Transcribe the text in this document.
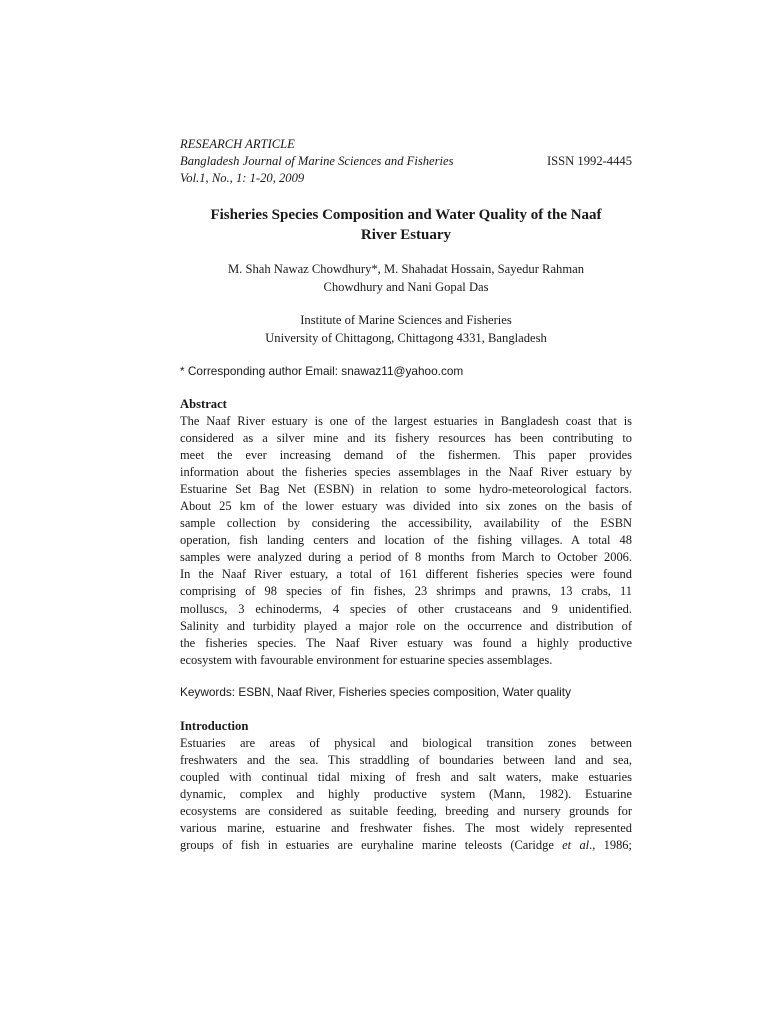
RESEARCH ARTICLE
Bangladesh Journal of Marine Sciences and Fisheries	ISSN 1992-4445
Vol.1, No., 1: 1-20, 2009
Fisheries Species Composition and Water Quality of the Naaf
River Estuary
M. Shah Nawaz Chowdhury*, M. Shahadat Hossain, Sayedur Rahman
Chowdhury and Nani Gopal Das
Institute of Marine Sciences and Fisheries
University of Chittagong, Chittagong 4331, Bangladesh
* Corresponding author Email: snawaz11@yahoo.com
Abstract
The Naaf River estuary is one of the largest estuaries in Bangladesh coast that is
considered as a silver mine and its fishery resources has been contributing to
meet the ever increasing demand of the fishermen. This paper provides
information about the fisheries species assemblages in the Naaf River estuary by
Estuarine Set Bag Net (ESBN) in relation to some hydro-meteorological factors.
About 25 km of the lower estuary was divided into six zones on the basis of
sample collection by considering the accessibility, availability of the ESBN
operation, fish landing centers and location of the fishing villages. A total 48
samples were analyzed during a period of 8 months from March to October 2006.
In the Naaf River estuary, a total of 161 different fisheries species were found
comprising of 98 species of fin fishes, 23 shrimps and prawns, 13 crabs, 11
molluscs, 3 echinoderms, 4 species of other crustaceans and 9 unidentified.
Salinity and turbidity played a major role on the occurrence and distribution of
the fisheries species. The Naaf River estuary was found a highly productive
ecosystem with favourable environment for estuarine species assemblages.
Keywords: ESBN, Naaf River, Fisheries species composition, Water quality
Introduction
Estuaries are areas of physical and biological transition zones between
freshwaters and the sea. This straddling of boundaries between land and sea,
coupled with continual tidal mixing of fresh and salt waters, make estuaries
dynamic, complex and highly productive system (Mann, 1982). Estuarine
ecosystems are considered as suitable feeding, breeding and nursery grounds for
various marine, estuarine and freshwater fishes. The most widely represented
groups of fish in estuaries are euryhaline marine teleosts (Caridge et al., 1986;
